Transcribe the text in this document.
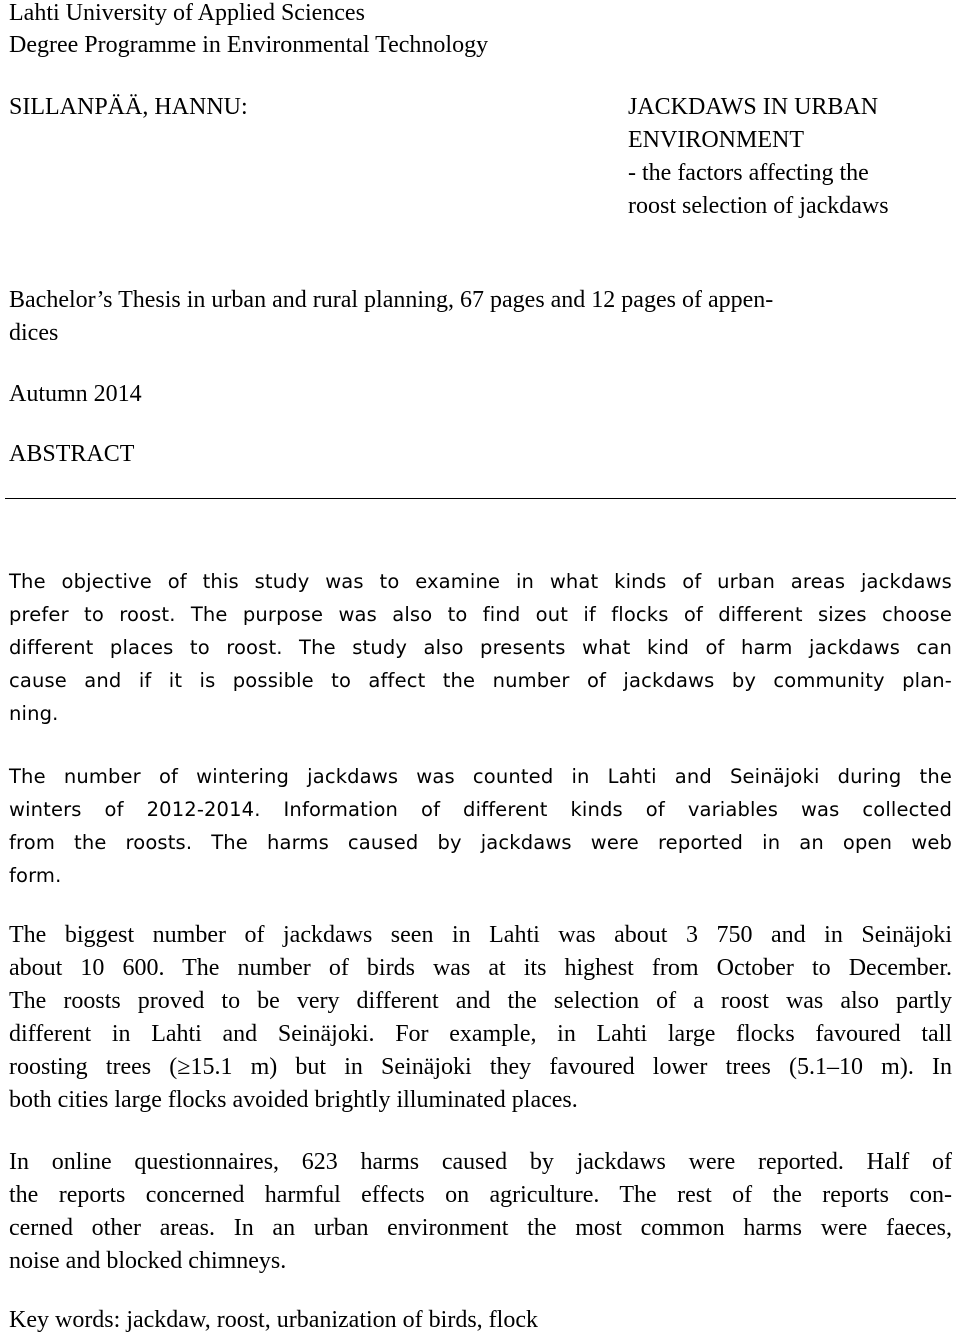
Lahti University of Applied Sciences
Degree Programme in Environmental Technology
SILLANPÄÄ, HANNU:	JACKDAWS IN URBAN
ENVIRONMENT
- the factors affecting the
roost selection of jackdaws
Bachelor’s Thesis in urban and rural planning, 67 pages and 12 pages of appen-
dices
Autumn 2014
ABSTRACT
The objective of this study was to examine in what kinds of urban areas jackdaws
prefer to roost. The purpose was also to find out if flocks of different sizes choose
different places to roost. The study also presents what kind of harm jackdaws can
cause and if it is possible to affect the number of jackdaws by community plan-
ning.
The number of wintering jackdaws was counted in Lahti and Seinäjoki during the
winters of 2012-2014. Information of different kinds of variables was collected
from the roosts. The harms caused by jackdaws were reported in an open web
form.
The biggest number of jackdaws seen in Lahti was about 3 750 and in Seinäjoki
about 10 600. The number of birds was at its highest from October to December.
The roosts proved to be very different and the selection of a roost was also partly
different in Lahti and Seinäjoki. For example, in Lahti large flocks favoured tall
roosting trees (≥15.1 m) but in Seinäjoki they favoured lower trees (5.1–10 m). In
both cities large flocks avoided brightly illuminated places.
In online questionnaires, 623 harms caused by jackdaws were reported. Half of
the reports concerned harmful effects on agriculture. The rest of the reports con-
cerned other areas. In an urban environment the most common harms were faeces,
noise and blocked chimneys.
Key words: jackdaw, roost, urbanization of birds, flock
